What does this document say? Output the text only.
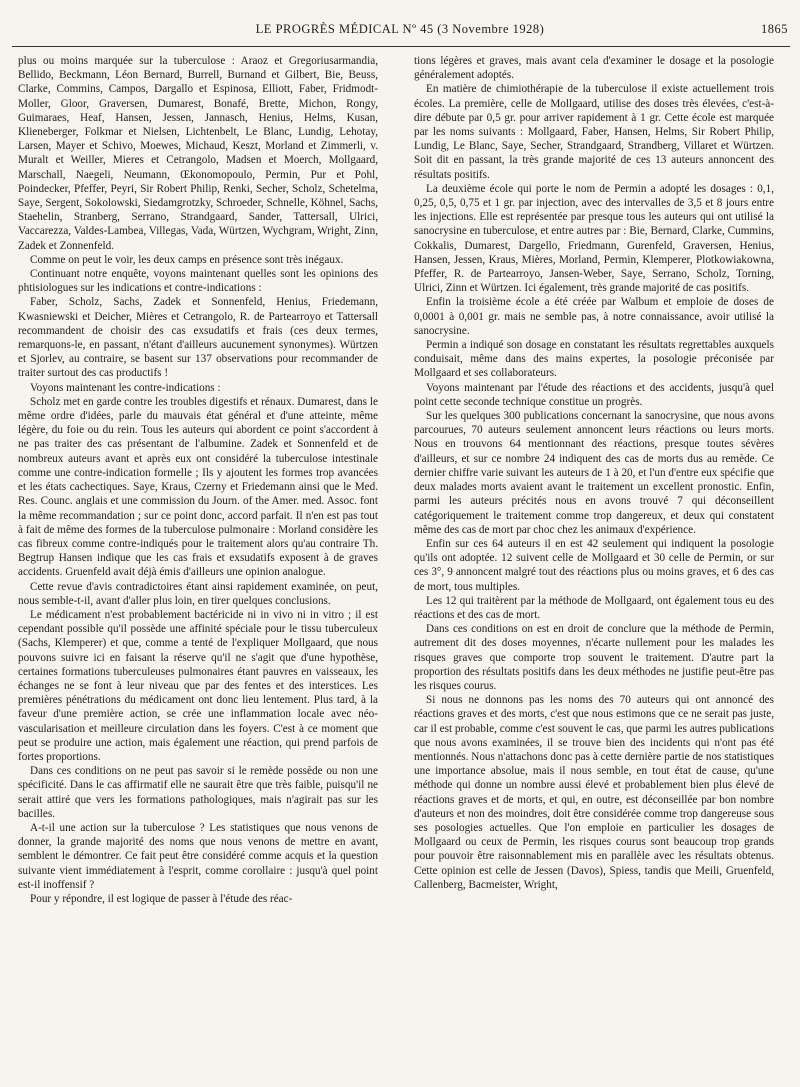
LE PROGRÈS MÉDICAL Nº 45 (3 Novembre 1928)	1865

plus ou moins marquée sur la tuberculose : Araoz et Gregoriusarmandia, Bellido, Beckmann, Léon Bernard, Burrell, Burnand et Gilbert, Bie, Beuss, Clarke, Commins, Campos, Dargallo et Espinosa, Elliott, Faber, Fridmodt-Moller, Gloor, Graversen, Dumarest, Bonafé, Brette, Michon, Rongy, Guimaraes, Heaf, Hansen, Jessen, Jannasch, Henius, Helms, Kusan, Klieneberger, Folkmar et Nielsen, Lichtenbelt, Le Blanc, Lundig, Lehotay, Larsen, Mayer et Schivo, Moewes, Michaud, Keszt, Morland et Zimmerli, v. Muralt et Weiller, Mieres et Cetrangolo, Madsen et Moerch, Mollgaard, Marschall, Naegeli, Neumann, Œkonomopoulo, Permin, Pur et Pohl, Poindecker, Pfeffer, Peyri, Sir Robert Philip, Renki, Secher, Scholz, Schetelma, Saye, Sergent, Sokolowski, Siedamgrotzky, Schroeder, Schnelle, Köhnel, Sachs, Staehelin, Stranberg, Serrano, Strandgaard, Sander, Tattersall, Ulrici, Vaccarezza, Valdes-Lambea, Villegas, Vada, Würtzen, Wychgram, Wright, Zinn, Zadek et Zonnenfeld.

Comme on peut le voir, les deux camps en présence sont très inégaux.

Continuant notre enquête, voyons maintenant quelles sont les opinions des phtisiologues sur les indications et contre-indications :

Faber, Scholz, Sachs, Zadek et Sonnenfeld, Henius, Friedemann, Kwasniewski et Deicher, Mières et Cetrangolo, R. de Partearroyo et Tattersall recommandent de choisir des cas exsudatifs et frais (ces deux termes, remarquons-le, en passant, n'étant d'ailleurs aucunement synonymes). Würtzen et Sjorlev, au contraire, se basent sur 137 observations pour recommander de traiter surtout des cas productifs !

Voyons maintenant les contre-indications :

Scholz met en garde contre les troubles digestifs et rénaux. Dumarest, dans le même ordre d'idées, parle du mauvais état général et d'une atteinte, même légère, du foie ou du rein. Tous les auteurs qui abordent ce point s'accordent à ne pas traiter des cas présentant de l'albumine. Zadek et Sonnenfeld et de nombreux auteurs avant et après eux ont considéré la tuberculose intestinale comme une contre-indication formelle ; Ils y ajoutent les formes trop avancées et les états cachectiques. Saye, Kraus, Czerny et Friedemann ainsi que le Med. Res. Counc. anglais et une commission du Journ. of the Amer. med. Assoc. font la même recommandation ; sur ce point donc, accord parfait. Il n'en est pas tout à fait de même des formes de la tuberculose pulmonaire : Morland considère les cas fibreux comme contre-indiqués pour le traitement alors qu'au contraire Th. Begtrup Hansen indique que les cas frais et exsudatifs exposent à de graves accidents. Gruenfeld avait déjà émis d'ailleurs une opinion analogue.

Cette revue d'avis contradictoires étant ainsi rapidement examinée, on peut, nous semble-t-il, avant d'aller plus loin, en tirer quelques conclusions.

Le médicament n'est probablement bactéricide ni in vivo ni in vitro ; il est cependant possible qu'il possède une affinité spéciale pour le tissu tuberculeux (Sachs, Klemperer) et que, comme a tenté de l'expliquer Mollgaard, que nous pouvons suivre ici en faisant la réserve qu'il ne s'agit que d'une hypothèse, certaines formations tuberculeuses pulmonaires étant pauvres en vaisseaux, les échanges ne se font à leur niveau que par des fentes et des interstices. Les premières pénétrations du médicament ont donc lieu lentement. Plus tard, à la faveur d'une première action, se crée une inflammation locale avec néo-vascularisation et meilleure circulation dans les foyers. C'est à ce moment que peut se produire une action, mais également une réaction, qui prend parfois de fortes proportions.

Dans ces conditions on ne peut pas savoir si le remède possède ou non une spécificité. Dans le cas affirmatif elle ne saurait être que très faible, puisqu'il ne serait attiré que vers les formations pathologiques, mais n'agirait pas sur les bacilles.

A-t-il une action sur la tuberculose ? Les statistiques que nous venons de donner, la grande majorité des noms que nous venons de mettre en avant, semblent le démontrer. Ce fait peut être considéré comme acquis et la question suivante vient immédiatement à l'esprit, comme corollaire : jusqu'à quel point est-il inoffensif ?

Pour y répondre, il est logique de passer à l'étude des réac-

tions légères et graves, mais avant cela d'examiner le dosage et la posologie généralement adoptés.

En matière de chimiothérapie de la tuberculose il existe actuellement trois écoles. La première, celle de Mollgaard, utilise des doses très élevées, c'est-à-dire débute par 0,5 gr. pour arriver rapidement à 1 gr. Cette école est marquée par les noms suivants : Mollgaard, Faber, Hansen, Helms, Sir Robert Philip, Lundig, Le Blanc, Saye, Secher, Strandgaard, Strandberg, Villaret et Würtzen. Soit dit en passant, la très grande majorité de ces 13 auteurs annoncent des résultats positifs.

La deuxième école qui porte le nom de Permin a adopté les dosages : 0,1, 0,25, 0,5, 0,75 et 1 gr. par injection, avec des intervalles de 3,5 et 8 jours entre les injections. Elle est représentée par presque tous les auteurs qui ont utilisé la sanocrysine en tuberculose, et entre autres par : Bie, Bernard, Clarke, Cummins, Cokkalis, Dumarest, Dargello, Friedmann, Gurenfeld, Graversen, Henius, Hansen, Jessen, Kraus, Mières, Morland, Permin, Klemperer, Plotkowiakowna, Pfeffer, R. de Partearroyo, Jansen-Weber, Saye, Serrano, Scholz, Torning, Ulrici, Zinn et Würtzen. Ici également, très grande majorité de cas positifs.

Enfin la troisième école a été créée par Walbum et emploie de doses de 0,0001 à 0,001 gr. mais ne semble pas, à notre connaissance, avoir utilisé la sanocrysine.

Permin a indiqué son dosage en constatant les résultats regrettables auxquels conduisait, même dans des mains expertes, la posologie préconisée par Mollgaard et ses collaborateurs.

Voyons maintenant par l'étude des réactions et des accidents, jusqu'à quel point cette seconde technique constitue un progrès.

Sur les quelques 300 publications concernant la sanocrysine, que nous avons parcourues, 70 auteurs seulement annoncent leurs réactions ou leurs morts. Nous en trouvons 64 mentionnant des réactions, presque toutes sévères d'ailleurs, et sur ce nombre 24 indiquent des cas de morts dus au remède. Ce dernier chiffre varie suivant les auteurs de 1 à 20, et l'un d'entre eux spécifie que deux malades morts avaient avant le traitement un excellent pronostic. Enfin, parmi les auteurs précités nous en avons trouvé 7 qui déconseillent catégoriquement le traitement comme trop dangereux, et deux qui constatent même des cas de mort par choc chez les animaux d'expérience.

Enfin sur ces 64 auteurs il en est 42 seulement qui indiquent la posologie qu'ils ont adoptée. 12 suivent celle de Mollgaard et 30 celle de Permin, or sur ces 3°, 9 annoncent malgré tout des réactions plus ou moins graves, et 6 des cas de mort, tous multiples.

Les 12 qui traitèrent par la méthode de Mollgaard, ont également tous eu des réactions et des cas de mort.

Dans ces conditions on est en droit de conclure que la méthode de Permin, autrement dit des doses moyennes, n'écarte nullement pour les malades les risques graves que comporte trop souvent le traitement. D'autre part la proportion des résultats positifs dans les deux méthodes ne justifie peut-être pas les risques courus.

Si nous ne donnons pas les noms des 70 auteurs qui ont annoncé des réactions graves et des morts, c'est que nous estimons que ce ne serait pas juste, car il est probable, comme c'est souvent le cas, que parmi les autres publications que nous avons examinées, il se trouve bien des incidents qui n'ont pas été mentionnés. Nous n'attachons donc pas à cette dernière partie de nos statistiques une importance absolue, mais il nous semble, en tout état de cause, qu'une méthode qui donne un nombre aussi élevé et probablement bien plus élevé de réactions graves et de morts, et qui, en outre, est déconseillée par bon nombre d'auteurs et non des moindres, doit être considérée comme trop dangereuse sous ses posologies actuelles. Que l'on emploie en particulier les dosages de Mollgaard ou ceux de Permin, les risques courus sont beaucoup trop grands pour pouvoir être raisonnablement mis en parallèle avec les résultats obtenus. Cette opinion est celle de Jessen (Davos), Spiess, tandis que Meili, Gruenfeld, Callenberg, Bacmeister, Wright,
